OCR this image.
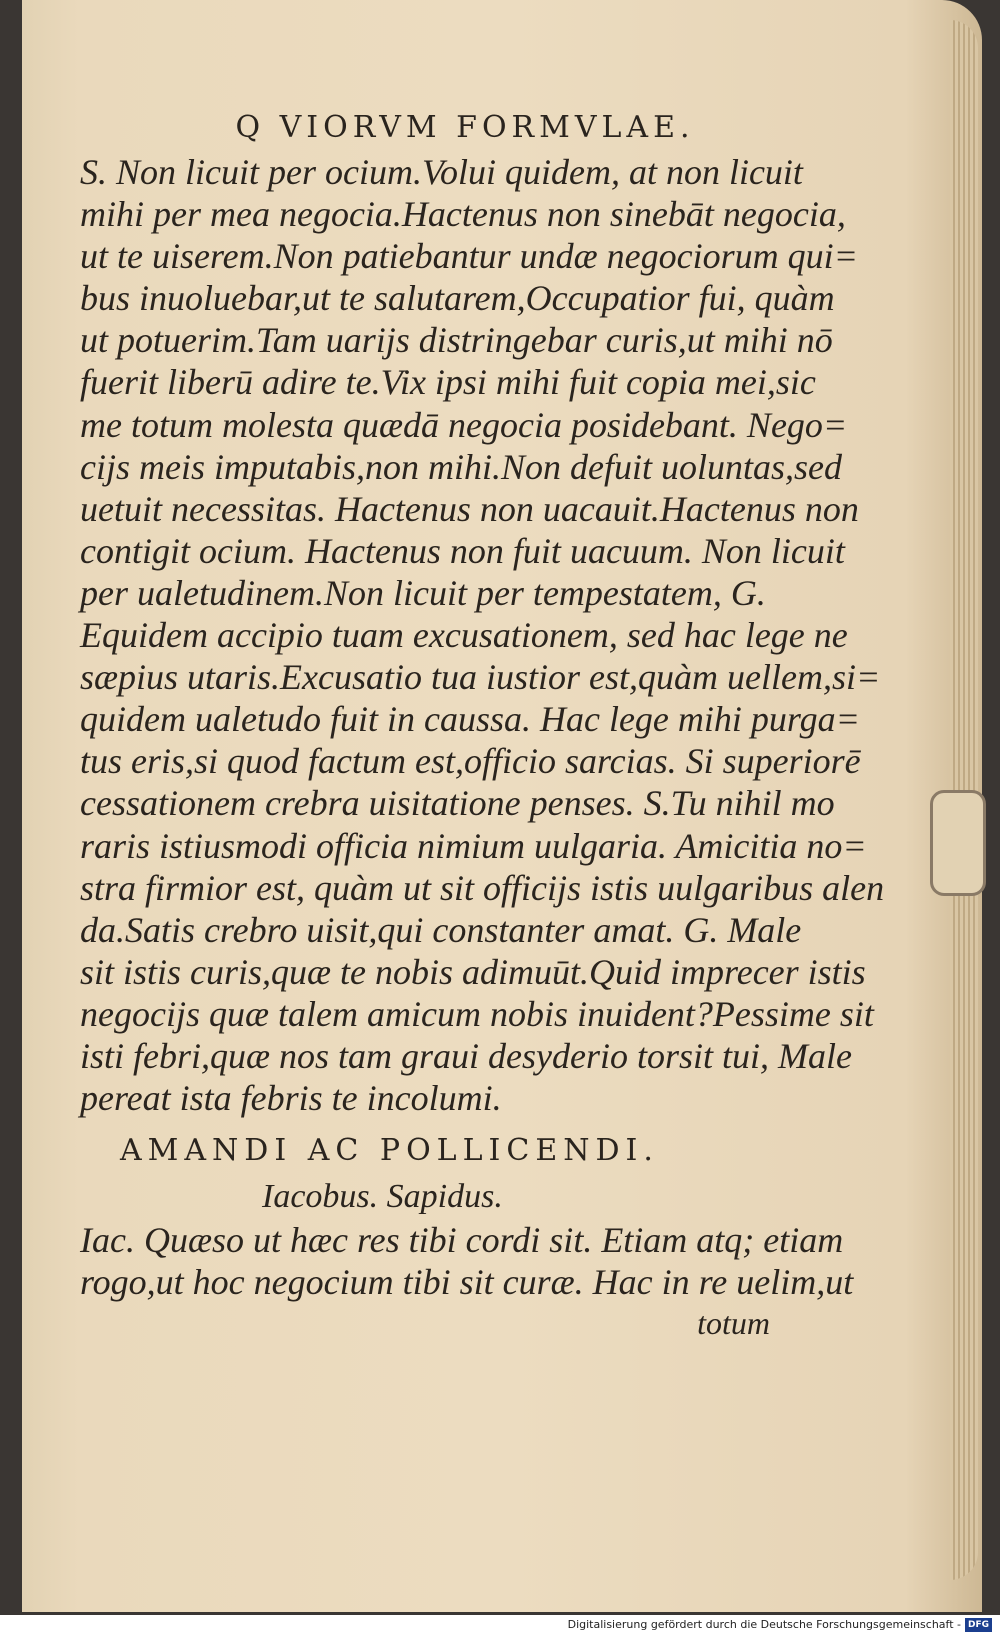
Q VIORVM FORMVLAE.
S. Non licuit per ocium.Volui quidem, at non licuit
mihi per mea negocia.Hactenus non sinebāt negocia,
ut te uiserem.Non patiebantur undæ negociorum qui=
bus inuoluebar,ut te salutarem,Occupatior fui, quàm
ut potuerim.Tam uarijs distringebar curis,ut mihi nō
fuerit liberū adire te.Vix ipsi mihi fuit copia mei,sic
me totum molesta quædā negocia posidebant. Nego=
cijs meis imputabis,non mihi.Non defuit uoluntas,sed
uetuit necessitas. Hactenus non uacauit.Hactenus non
contigit ocium. Hactenus non fuit uacuum. Non licuit
per ualetudinem.Non licuit per tempestatem, G.
Equidem accipio tuam excusationem, sed hac lege ne
sæpius utaris.Excusatio tua iustior est,quàm uellem,si=
quidem ualetudo fuit in caussa. Hac lege mihi purga=
tus eris,si quod factum est,officio sarcias. Si superiorē
cessationem crebra uisitatione penses. S.Tu nihil mo
raris istiusmodi officia nimium uulgaria. Amicitia no=
stra firmior est, quàm ut sit officijs istis uulgaribus alen
da.Satis crebro uisit,qui constanter amat. G. Male
sit istis curis,quæ te nobis adimuūt.Quid imprecer istis
negocijs quæ talem amicum nobis inuident?Pessime sit
isti febri,quæ nos tam graui desyderio torsit tui, Male
pereat ista febris te incolumi.
AMANDI AC POLLICENDI.
Iacobus. Sapidus.
Iac. Quæso ut hæc res tibi cordi sit. Etiam atq; etiam
rogo,ut hoc negocium tibi sit curæ. Hac in re uelim,ut
totum
Digitalisierung gefördert durch die Deutsche Forschungsgemeinschaft - DFG
